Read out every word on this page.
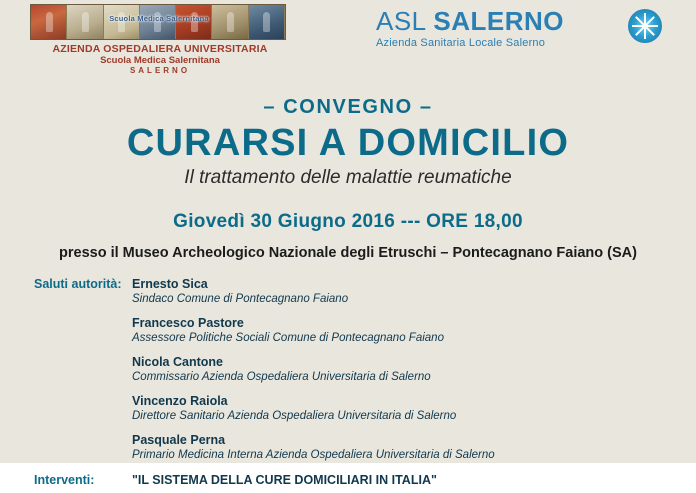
Scuola Medica Salernitana
AZIENDA OSPEDALIERA UNIVERSITARIA
Scuola Medica Salernitana
SALERNO
ASL SALERNO
Azienda Sanitaria Locale Salerno
– CONVEGNO –
CURARSI A DOMICILIO
Il trattamento delle malattie reumatiche
Giovedì 30 Giugno 2016 --- ORE 18,00
presso il Museo Archeologico Nazionale degli Etruschi – Pontecagnano Faiano (SA)
Saluti autorità: Ernesto Sica
Sindaco Comune di Pontecagnano Faiano
Francesco Pastore
Assessore Politiche Sociali Comune di Pontecagnano Faiano
Nicola Cantone
Commissario Azienda Ospedaliera Universitaria di Salerno
Vincenzo Raiola
Direttore Sanitario Azienda Ospedaliera Universitaria di Salerno
Pasquale Perna
Primario Medicina Interna Azienda Ospedaliera Universitaria di Salerno
Interventi:	"IL SISTEMA DELLA CURE DOMICILIARI IN ITALIA"
